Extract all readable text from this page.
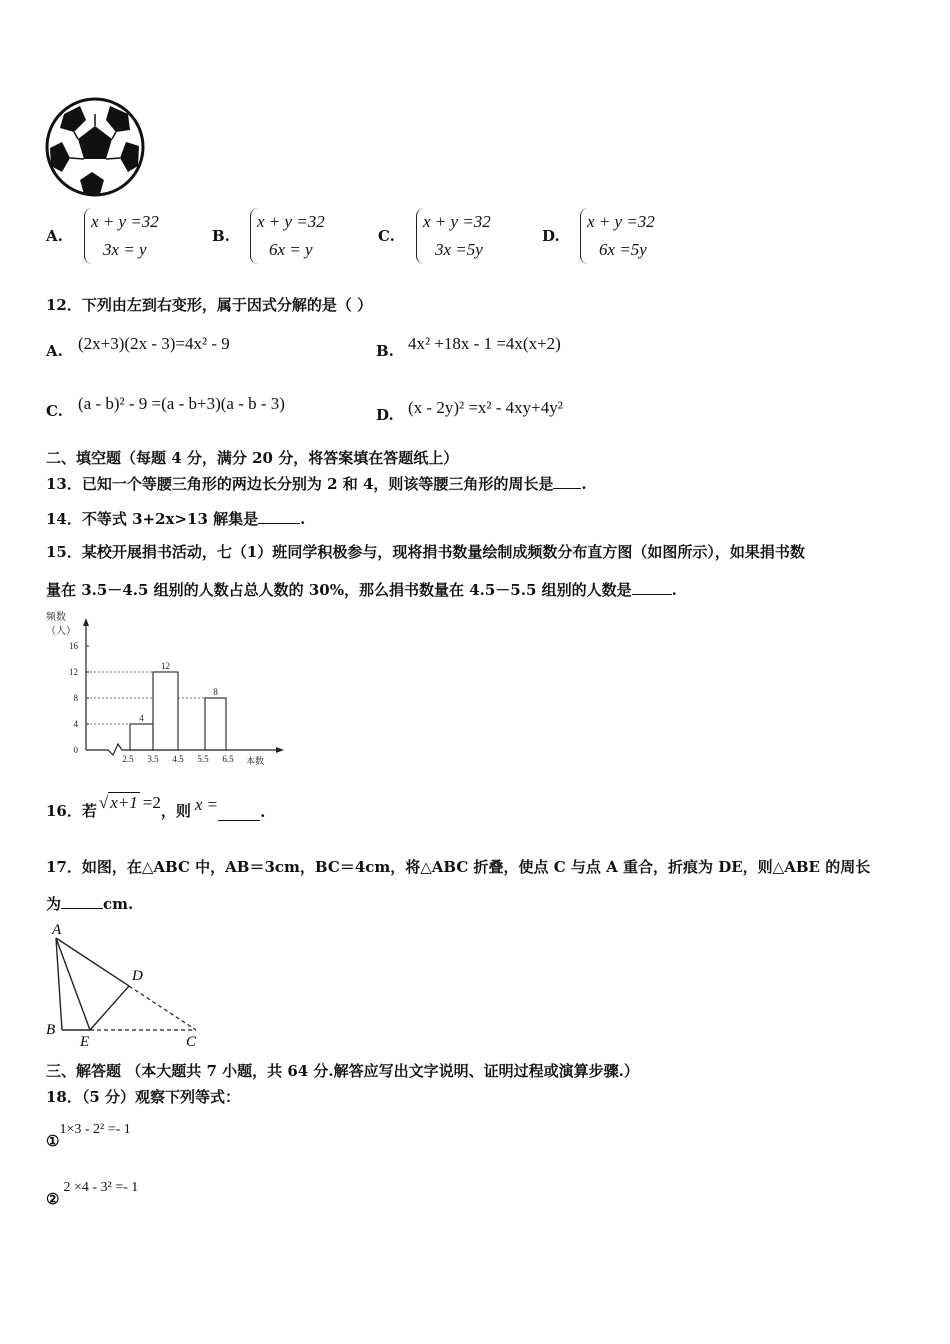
A.
x + y =32
3x = y
B.
x + y =32
6x = y
C.
x + y =32
3x =5y
D.
x + y =32
6x =5y
12．下列由左到右变形，属于因式分解的是（ ）
A. (2x+3)(2x - 3)=4x² - 9	B. 4x² +18x - 1 =4x(x+2)
C. (a - b)² - 9 =(a - b+3)(a - b - 3)
D. (x - 2y)² =x² - 4xy+4y²
二、填空题（每题 4 分，满分 20 分，将答案填在答题纸上）
13．已知一个等腰三角形的两边长分别为 2 和 4，则该等腰三角形的周长是 .
14．不等式 3+2x>13 解集是	.
15．某校开展捐书活动，七（1）班同学积极参与，现将捐书数量绘制成频数分布直方图（如图所示），如果捐书数
量在 3.5－4.5 组别的人数占总人数的 30%，那么捐书数量在 4.5－5.5 组别的人数是	.
频数
（人）
0
4
8
12
16
2.5 3.5 4.5 5.5 6.5 本数
4
12
8
16．若 √ x+1 =2 ，则 x =	.
17．如图，在△ABC 中，AB＝3cm，BC＝4cm，将△ABC 折叠，使点 C 与点 A 重合，折痕为 DE，则△ABE 的周长
为	cm.
A
B
C
D
E
三、解答题 （本大题共 7 小题，共 64 分.解答应写出文字说明、证明过程或演算步骤.）
18．（5 分）观察下列等式：
①
1×3 - 2² =- 1
②
2 ×4 - 3² =- 1
